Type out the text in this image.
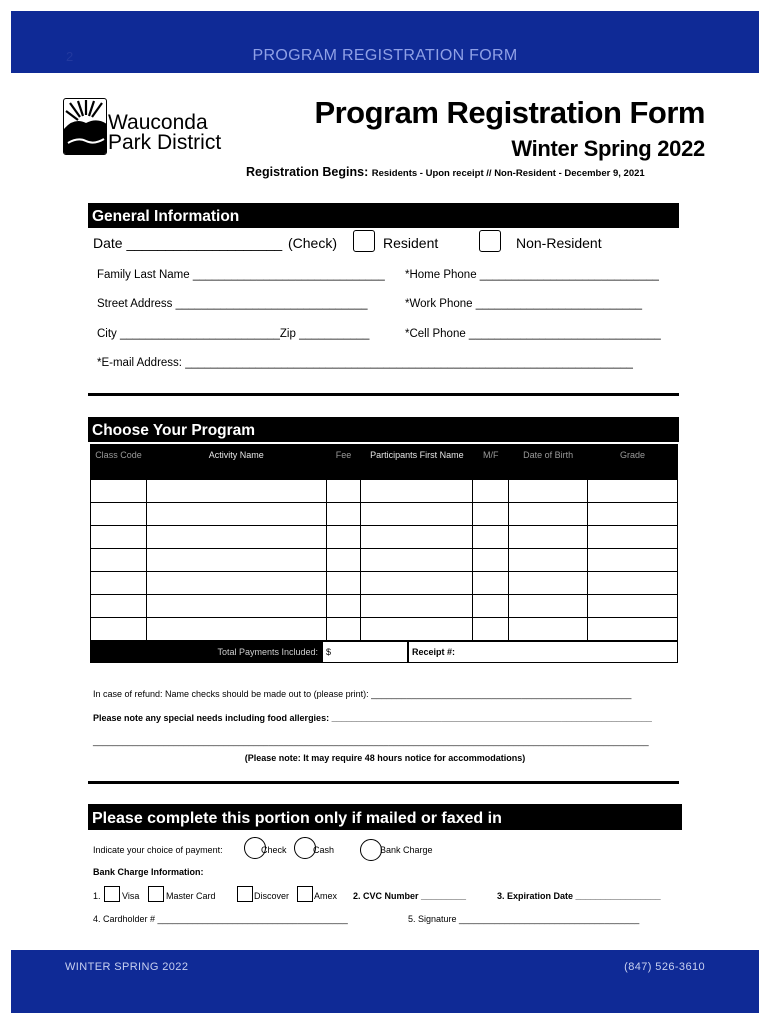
2	PROGRAM REGISTRATION FORM
Wauconda
Park District
Program Registration Form
Winter Spring 2022
Registration Begins: Residents - Upon receipt // Non-Resident - December 9, 2021
General Information
Date ____________________ (Check)	Resident	Non-Resident
Family Last Name ______________________________ *Home Phone ____________________________
Street Address ______________________________	*Work Phone __________________________
City _________________________Zip ___________	*Cell Phone ______________________________
*E-mail Address: ______________________________________________________________________
Choose Your Program
Class Code	Activity Name	Fee	Participants First Name	M/F	Date of Birth	Grade

Total Payments Included: $	Receipt #:
In case of refund: Name checks should be made out to (please print): ____________________________________________________
Please note any special needs including food allergies: ________________________________________________________________
_______________________________________________________________________________________________________________
(Please note: It may require 48 hours notice for accommodations)
Please complete this portion only if mailed or faxed in
Indicate your choice of payment:	Check	Cash	Bank Charge
Bank Charge Information:
1. Visa	Master Card	Discover	Amex 2. CVC Number _________	3. Expiration Date _________________
4. Cardholder # ______________________________________	5. Signature ____________________________________
WINTER SPRING 2022	(847) 526-3610
